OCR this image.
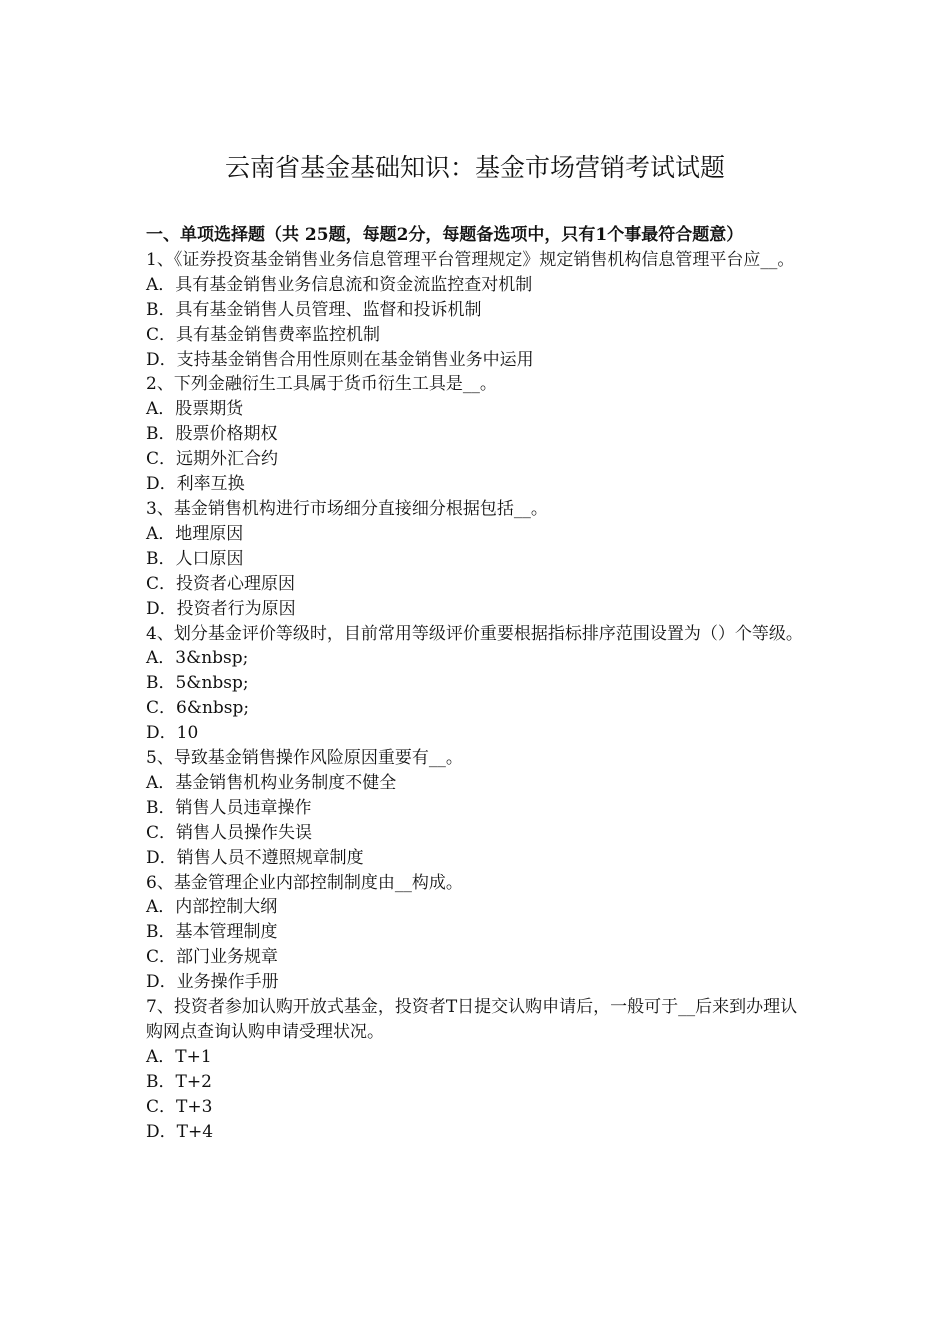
云南省基金基础知识：基金市场营销考试试题

一、单项选择题（共 25题，每题2分，每题备选项中，只有1个事最符合题意）

1、《证券投资基金销售业务信息管理平台管理规定》规定销售机构信息管理平台应__。

A．具有基金销售业务信息流和资金流监控查对机制

B．具有基金销售人员管理、监督和投诉机制

C．具有基金销售费率监控机制

D．支持基金销售合用性原则在基金销售业务中运用

2、下列金融衍生工具属于货币衍生工具是__。

A．股票期货

B．股票价格期权

C．远期外汇合约

D．利率互换

3、基金销售机构进行市场细分直接细分根据包括__。

A．地理原因

B．人口原因

C．投资者心理原因

D．投资者行为原因

4、划分基金评价等级时，目前常用等级评价重要根据指标排序范围设置为（）个等级。

A．3&nbsp;

B．5&nbsp;

C．6&nbsp;

D．10

5、导致基金销售操作风险原因重要有__。

A．基金销售机构业务制度不健全

B．销售人员违章操作

C．销售人员操作失误

D．销售人员不遵照规章制度

6、基金管理企业内部控制制度由__构成。

A．内部控制大纲

B．基本管理制度

C．部门业务规章

D．业务操作手册

7、投资者参加认购开放式基金，投资者T日提交认购申请后，一般可于__后来到办理认购网点查询认购申请受理状况。

A．T+1

B．T+2

C．T+3

D．T+4
